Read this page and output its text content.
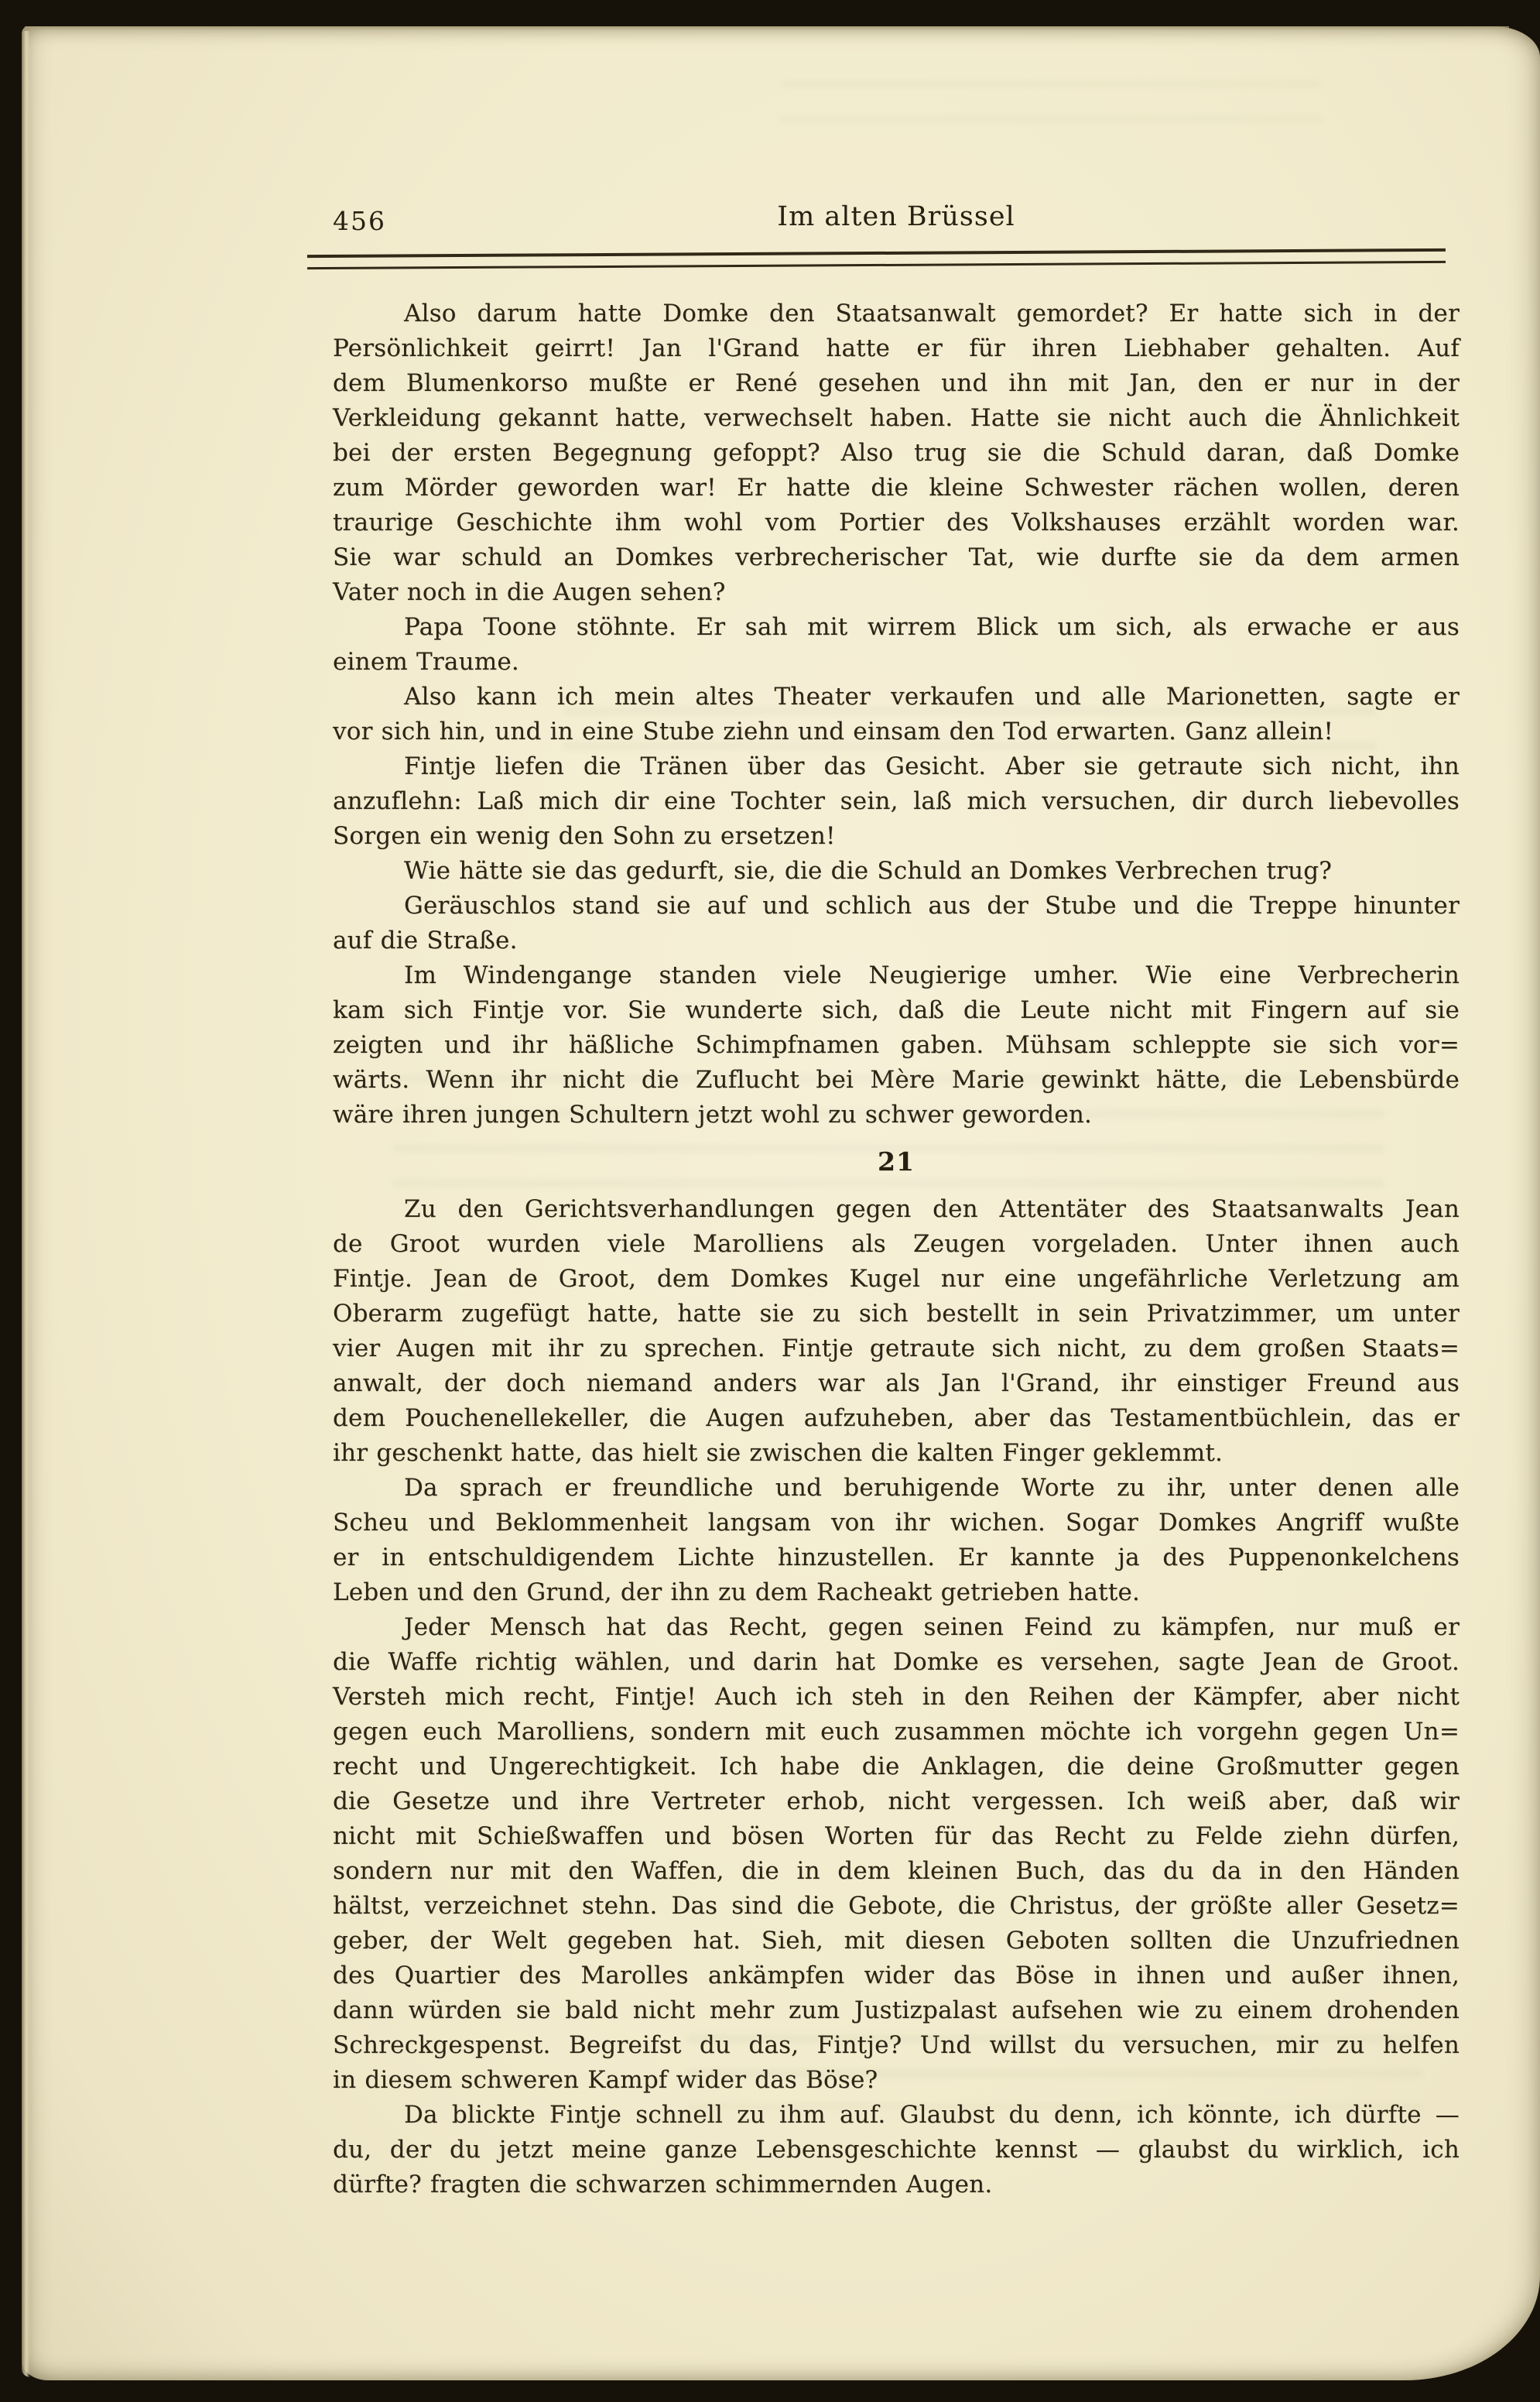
456	Im alten Brüssel
Also darum hatte Domke den Staatsanwalt gemordet? Er hatte sich in der
Persönlichkeit geirrt! Jan l'Grand hatte er für ihren Liebhaber gehalten. Auf
dem Blumenkorso mußte er René gesehen und ihn mit Jan, den er nur in der
Verkleidung gekannt hatte, verwechselt haben. Hatte sie nicht auch die Ähnlichkeit
bei der ersten Begegnung gefoppt? Also trug sie die Schuld daran, daß Domke
zum Mörder geworden war! Er hatte die kleine Schwester rächen wollen, deren
traurige Geschichte ihm wohl vom Portier des Volkshauses erzählt worden war.
Sie war schuld an Domkes verbrecherischer Tat, wie durfte sie da dem armen
Vater noch in die Augen sehen?
Papa Toone stöhnte. Er sah mit wirrem Blick um sich, als erwache er aus
einem Traume.
Also kann ich mein altes Theater verkaufen und alle Marionetten, sagte er
vor sich hin, und in eine Stube ziehn und einsam den Tod erwarten. Ganz allein!
Fintje liefen die Tränen über das Gesicht. Aber sie getraute sich nicht, ihn
anzuflehn: Laß mich dir eine Tochter sein, laß mich versuchen, dir durch liebevolles
Sorgen ein wenig den Sohn zu ersetzen!
Wie hätte sie das gedurft, sie, die die Schuld an Domkes Verbrechen trug?
Geräuschlos stand sie auf und schlich aus der Stube und die Treppe hinunter
auf die Straße.
Im Windengange standen viele Neugierige umher. Wie eine Verbrecherin
kam sich Fintje vor. Sie wunderte sich, daß die Leute nicht mit Fingern auf sie
zeigten und ihr häßliche Schimpfnamen gaben. Mühsam schleppte sie sich vor=
wärts. Wenn ihr nicht die Zuflucht bei Mère Marie gewinkt hätte, die Lebensbürde
wäre ihren jungen Schultern jetzt wohl zu schwer geworden.
21
Zu den Gerichtsverhandlungen gegen den Attentäter des Staatsanwalts Jean
de Groot wurden viele Marolliens als Zeugen vorgeladen. Unter ihnen auch
Fintje. Jean de Groot, dem Domkes Kugel nur eine ungefährliche Verletzung am
Oberarm zugefügt hatte, hatte sie zu sich bestellt in sein Privatzimmer, um unter
vier Augen mit ihr zu sprechen. Fintje getraute sich nicht, zu dem großen Staats=
anwalt, der doch niemand anders war als Jan l'Grand, ihr einstiger Freund aus
dem Pouchenellekeller, die Augen aufzuheben, aber das Testamentbüchlein, das er
ihr geschenkt hatte, das hielt sie zwischen die kalten Finger geklemmt.
Da sprach er freundliche und beruhigende Worte zu ihr, unter denen alle
Scheu und Beklommenheit langsam von ihr wichen. Sogar Domkes Angriff wußte
er in entschuldigendem Lichte hinzustellen. Er kannte ja des Puppenonkelchens
Leben und den Grund, der ihn zu dem Racheakt getrieben hatte.
Jeder Mensch hat das Recht, gegen seinen Feind zu kämpfen, nur muß er
die Waffe richtig wählen, und darin hat Domke es versehen, sagte Jean de Groot.
Versteh mich recht, Fintje! Auch ich steh in den Reihen der Kämpfer, aber nicht
gegen euch Marolliens, sondern mit euch zusammen möchte ich vorgehn gegen Un=
recht und Ungerechtigkeit. Ich habe die Anklagen, die deine Großmutter gegen
die Gesetze und ihre Vertreter erhob, nicht vergessen. Ich weiß aber, daß wir
nicht mit Schießwaffen und bösen Worten für das Recht zu Felde ziehn dürfen,
sondern nur mit den Waffen, die in dem kleinen Buch, das du da in den Händen
hältst, verzeichnet stehn. Das sind die Gebote, die Christus, der größte aller Gesetz=
geber, der Welt gegeben hat. Sieh, mit diesen Geboten sollten die Unzufriednen
des Quartier des Marolles ankämpfen wider das Böse in ihnen und außer ihnen,
dann würden sie bald nicht mehr zum Justizpalast aufsehen wie zu einem drohenden
Schreckgespenst. Begreifst du das, Fintje? Und willst du versuchen, mir zu helfen
in diesem schweren Kampf wider das Böse?
Da blickte Fintje schnell zu ihm auf. Glaubst du denn, ich könnte, ich dürfte —
du, der du jetzt meine ganze Lebensgeschichte kennst — glaubst du wirklich, ich
dürfte? fragten die schwarzen schimmernden Augen.
